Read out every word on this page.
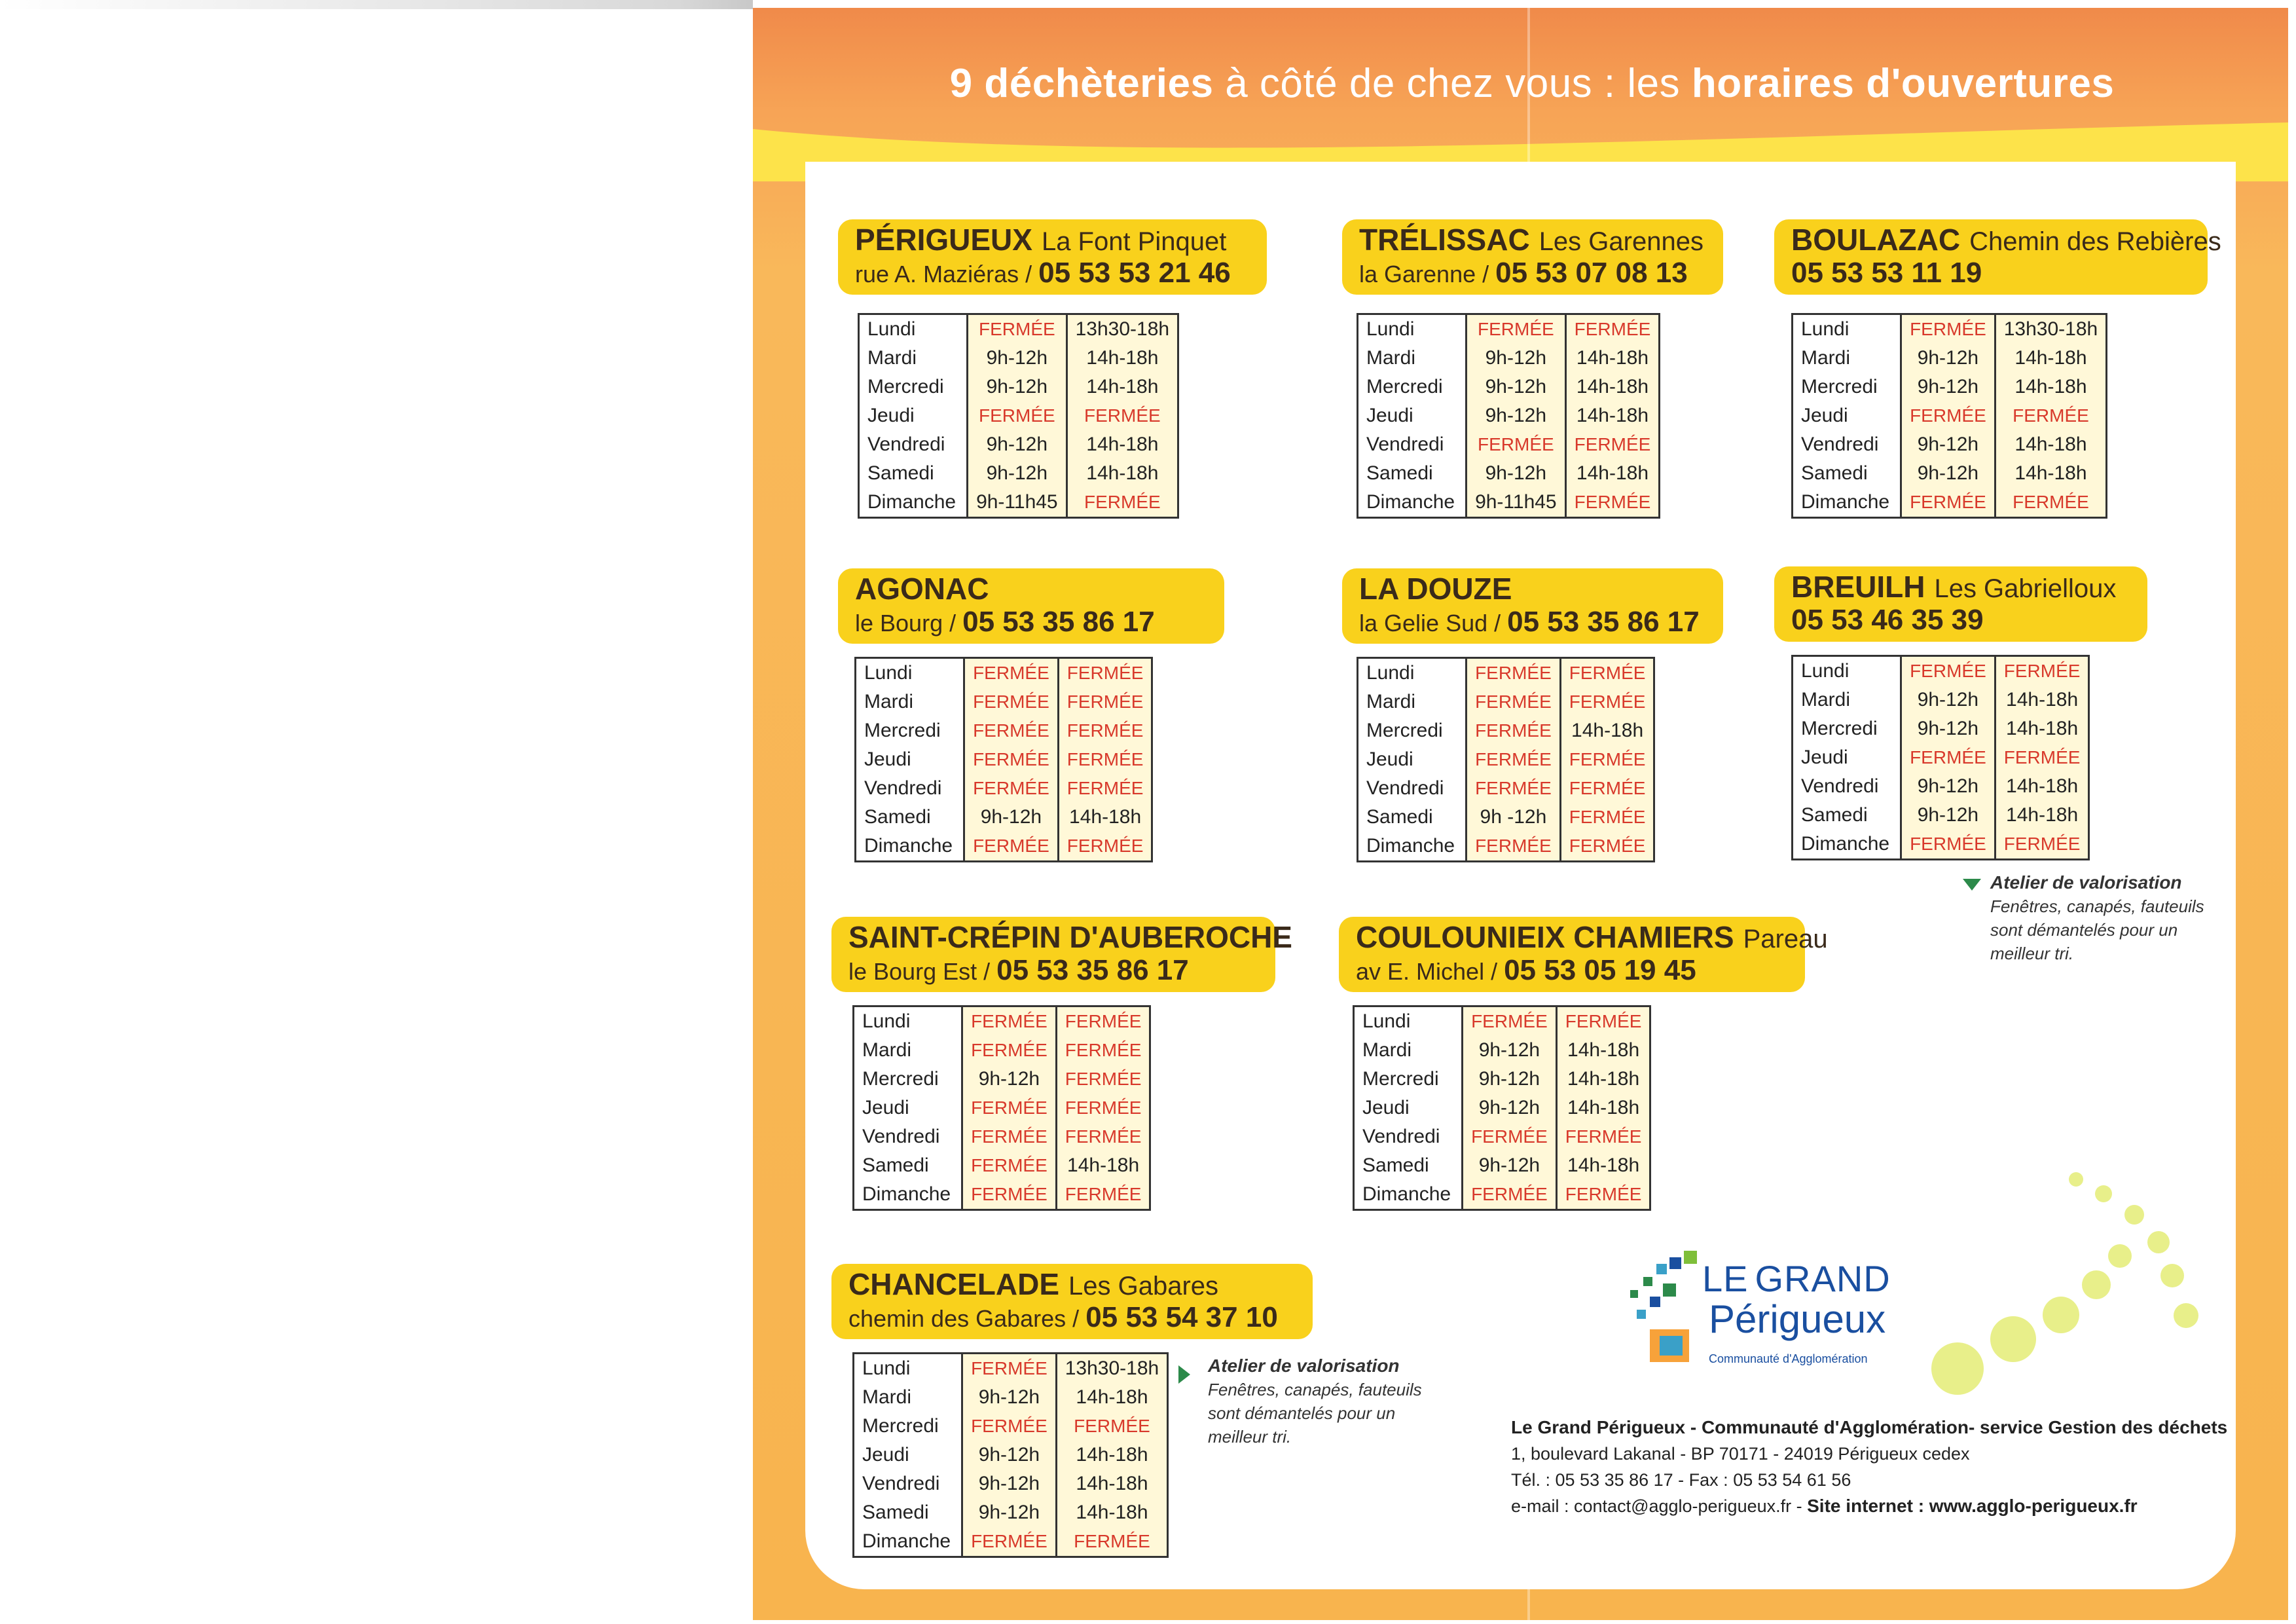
9 déchèteries à côté de chez vous : les horaires d'ouvertures
PÉRIGUEUX La Font Pinquet
rue A. Maziéras / 05 53 53 21 46
Lundi	FERMÉE	13h30-18h
Mardi	9h-12h	14h-18h
Mercredi	9h-12h	14h-18h
Jeudi	FERMÉE	FERMÉE
Vendredi	9h-12h	14h-18h
Samedi	9h-12h	14h-18h
Dimanche	9h-11h45	FERMÉE
TRÉLISSAC Les Garennes
la Garenne / 05 53 07 08 13
Lundi	FERMÉE	FERMÉE
Mardi	9h-12h	14h-18h
Mercredi	9h-12h	14h-18h
Jeudi	9h-12h	14h-18h
Vendredi	FERMÉE	FERMÉE
Samedi	9h-12h	14h-18h
Dimanche	9h-11h45	FERMÉE
BOULAZAC Chemin des Rebières
05 53 53 11 19
Lundi	FERMÉE	13h30-18h
Mardi	9h-12h	14h-18h
Mercredi	9h-12h	14h-18h
Jeudi	FERMÉE	FERMÉE
Vendredi	9h-12h	14h-18h
Samedi	9h-12h	14h-18h
Dimanche	FERMÉE	FERMÉE
AGONAC
le Bourg / 05 53 35 86 17
Lundi	FERMÉE	FERMÉE
Mardi	FERMÉE	FERMÉE
Mercredi	FERMÉE	FERMÉE
Jeudi	FERMÉE	FERMÉE
Vendredi	FERMÉE	FERMÉE
Samedi	9h-12h	14h-18h
Dimanche	FERMÉE	FERMÉE
LA DOUZE
la Gelie Sud / 05 53 35 86 17
Lundi	FERMÉE	FERMÉE
Mardi	FERMÉE	FERMÉE
Mercredi	FERMÉE	14h-18h
Jeudi	FERMÉE	FERMÉE
Vendredi	FERMÉE	FERMÉE
Samedi	9h -12h	FERMÉE
Dimanche	FERMÉE	FERMÉE
BREUILH Les Gabrielloux
05 53 46 35 39
Lundi	FERMÉE	FERMÉE
Mardi	9h-12h	14h-18h
Mercredi	9h-12h	14h-18h
Jeudi	FERMÉE	FERMÉE
Vendredi	9h-12h	14h-18h
Samedi	9h-12h	14h-18h
Dimanche	FERMÉE	FERMÉE
SAINT-CRÉPIN D'AUBEROCHE
le Bourg Est / 05 53 35 86 17
Lundi	FERMÉE	FERMÉE
Mardi	FERMÉE	FERMÉE
Mercredi	9h-12h	FERMÉE
Jeudi	FERMÉE	FERMÉE
Vendredi	FERMÉE	FERMÉE
Samedi	FERMÉE	14h-18h
Dimanche	FERMÉE	FERMÉE
COULOUNIEIX CHAMIERS Pareau
av E. Michel / 05 53 05 19 45
Lundi	FERMÉE	FERMÉE
Mardi	9h-12h	14h-18h
Mercredi	9h-12h	14h-18h
Jeudi	9h-12h	14h-18h
Vendredi	FERMÉE	FERMÉE
Samedi	9h-12h	14h-18h
Dimanche	FERMÉE	FERMÉE
CHANCELADE Les Gabares
chemin des Gabares / 05 53 54 37 10
Lundi	FERMÉE	13h30-18h
Mardi	9h-12h	14h-18h
Mercredi	FERMÉE	FERMÉE
Jeudi	9h-12h	14h-18h
Vendredi	9h-12h	14h-18h
Samedi	9h-12h	14h-18h
Dimanche	FERMÉE	FERMÉE
Atelier de valorisation
Fenêtres, canapés, fauteuils
sont démantelés pour un
meilleur tri.
Atelier de valorisation
Fenêtres, canapés, fauteuils
sont démantelés pour un
meilleur tri.
LE GRAND
Périgueux
Communauté d'Agglomération
Le Grand Périgueux - Communauté d'Agglomération- service Gestion des déchets
1, boulevard Lakanal - BP 70171 - 24019 Périgueux cedex
Tél. : 05 53 35 86 17 - Fax : 05 53 54 61 56
e-mail : contact@agglo-perigueux.fr - Site internet : www.agglo-perigueux.fr
